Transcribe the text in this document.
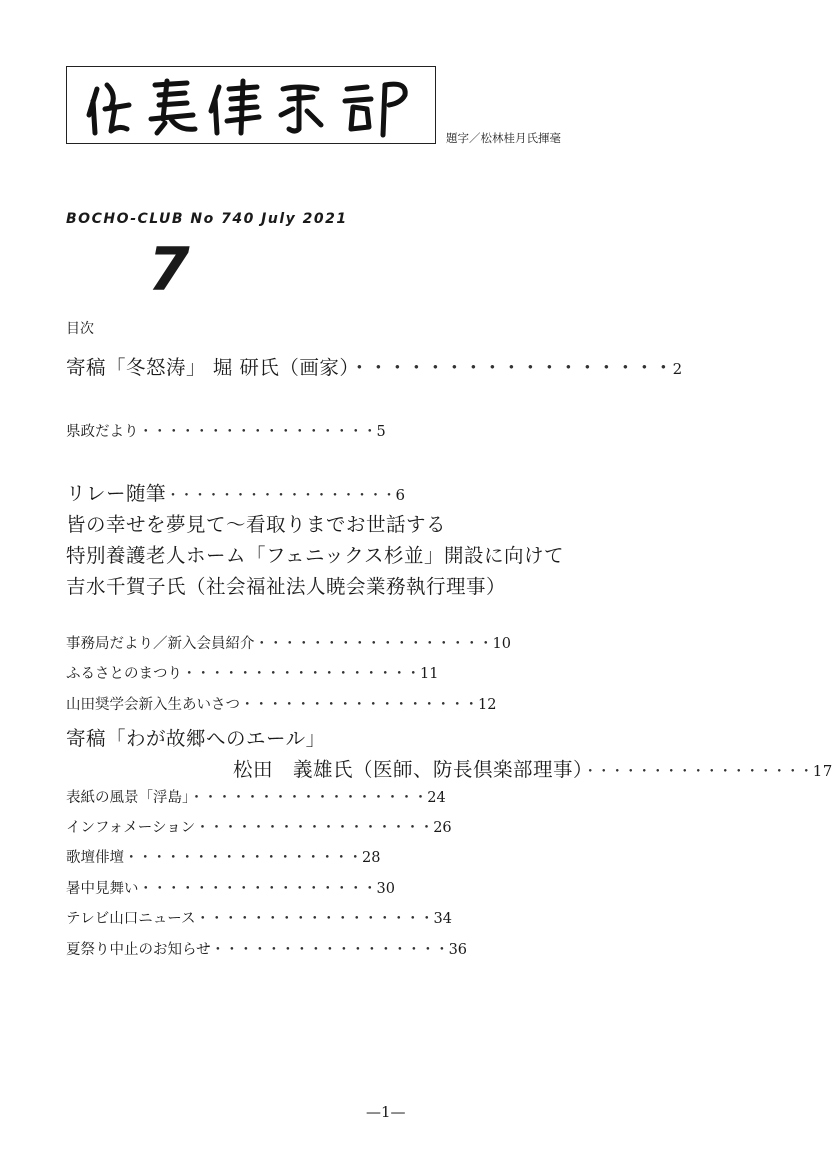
題字／松林桂月氏揮毫
BOCHO-CLUB No 740 July 2021
7
目次
寄稿「冬怒涛」 堀 研氏（画家）・・・・・・・・・・・・・・・・・2
県政だより・・・・・・・・・・・・・・・・・5
リレー随筆・・・・・・・・・・・・・・・・・6
皆の幸せを夢見て～看取りまでお世話する
特別養護老人ホーム「フェニックス杉並」開設に向けて
吉水千賀子氏（社会福祉法人暁会業務執行理事）
事務局だより／新入会員紹介・・・・・・・・・・・・・・・・・10
ふるさとのまつり・・・・・・・・・・・・・・・・・11
山田奨学会新入生あいさつ・・・・・・・・・・・・・・・・・12
寄稿「わが故郷へのエール」
松田　義雄氏（医師、防長倶楽部理事）・・・・・・・・・・・・・・・・・17
表紙の風景「浮島」・・・・・・・・・・・・・・・・・24
インフォメーション・・・・・・・・・・・・・・・・・26
歌壇俳壇・・・・・・・・・・・・・・・・・28
暑中見舞い・・・・・・・・・・・・・・・・・30
テレビ山口ニュース・・・・・・・・・・・・・・・・・34
夏祭り中止のお知らせ・・・・・・・・・・・・・・・・・36
—1—
